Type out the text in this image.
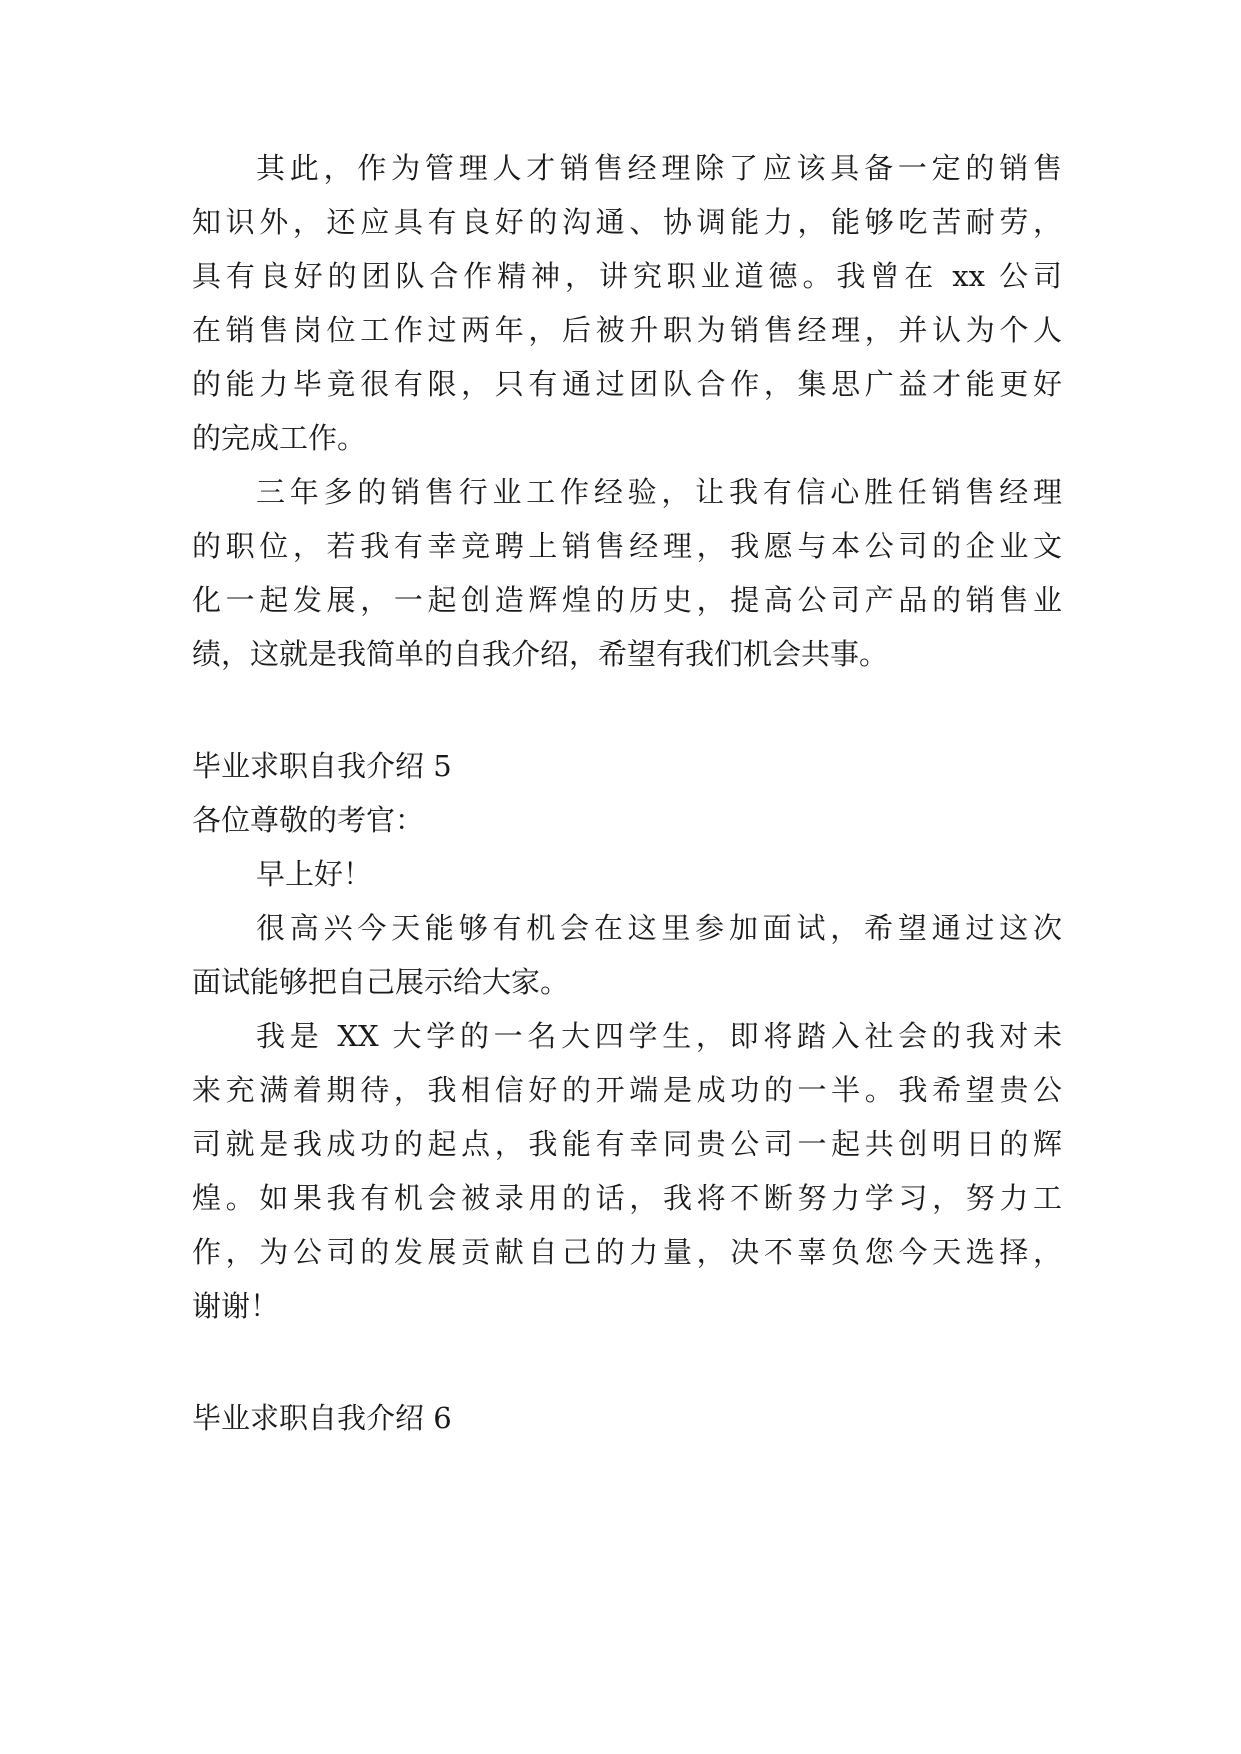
其此，作为管理人才销售经理除了应该具备一定的销售
知识外，还应具有良好的沟通、协调能力，能够吃苦耐劳，
具有良好的团队合作精神，讲究职业道德。我曾在 xx 公司
在销售岗位工作过两年，后被升职为销售经理，并认为个人
的能力毕竟很有限，只有通过团队合作，集思广益才能更好
的完成工作。
三年多的销售行业工作经验，让我有信心胜任销售经理
的职位，若我有幸竞聘上销售经理，我愿与本公司的企业文
化一起发展，一起创造辉煌的历史，提高公司产品的销售业
绩，这就是我简单的自我介绍，希望有我们机会共事。
毕业求职自我介绍 5
各位尊敬的考官：
早上好！
很高兴今天能够有机会在这里参加面试，希望通过这次
面试能够把自己展示给大家。
我是 XX 大学的一名大四学生，即将踏入社会的我对未
来充满着期待，我相信好的开端是成功的一半。我希望贵公
司就是我成功的起点，我能有幸同贵公司一起共创明日的辉
煌。如果我有机会被录用的话，我将不断努力学习，努力工
作，为公司的发展贡献自己的力量，决不辜负您今天选择，
谢谢！
毕业求职自我介绍 6
